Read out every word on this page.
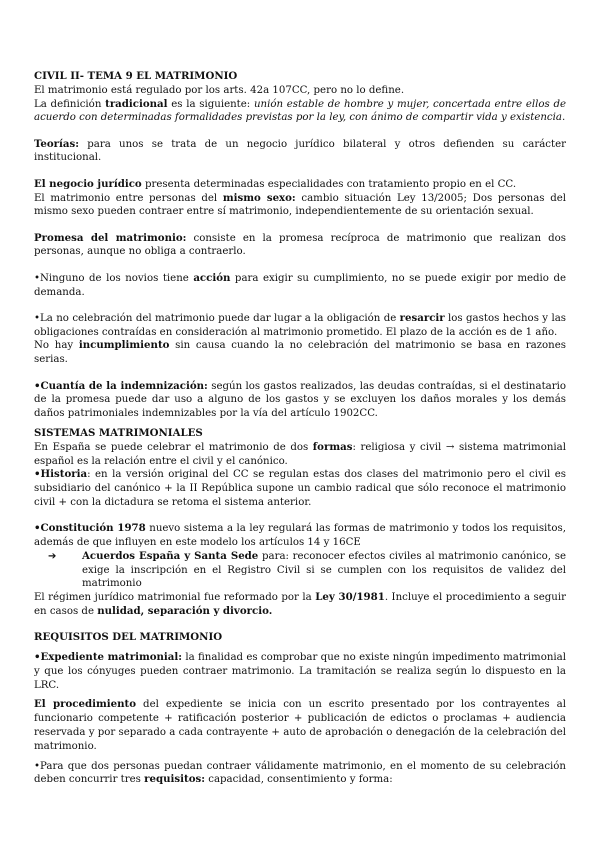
CIVIL II- TEMA 9 EL MATRIMONIO

El matrimonio está regulado por los arts. 42a 107CC, pero no lo define.

La definición tradicional es la siguiente: unión estable de hombre y mujer, concertada entre ellos de acuerdo con determinadas formalidades previstas por la ley, con ánimo de compartir vida y existencia.

Teorías: para unos se trata de un negocio jurídico bilateral y otros defienden su carácter institucional.

El negocio jurídico presenta determinadas especialidades con tratamiento propio en el CC.

El matrimonio entre personas del mismo sexo: cambio situación Ley 13/2005; Dos personas del mismo sexo pueden contraer entre sí matrimonio, independientemente de su orientación sexual.

Promesa del matrimonio: consiste en la promesa recíproca de matrimonio que realizan dos personas, aunque no obliga a contraerlo.

•Ninguno de los novios tiene acción para exigir su cumplimiento, no se puede exigir por medio de demanda.

•La no celebración del matrimonio puede dar lugar a la obligación de resarcir los gastos hechos y las obligaciones contraídas en consideración al matrimonio prometido. El plazo de la acción es de 1 año.

No hay incumplimiento sin causa cuando la no celebración del matrimonio se basa en razones serias.

•Cuantía de la indemnización: según los gastos realizados, las deudas contraídas, si el destinatario de la promesa puede dar uso a alguno de los gastos y se excluyen los daños morales y los demás daños patrimoniales indemnizables por la vía del artículo 1902CC.

SISTEMAS MATRIMONIALES

En España se puede celebrar el matrimonio de dos formas: religiosa y civil → sistema matrimonial español es la relación entre el civil y el canónico.

•Historia: en la versión original del CC se regulan estas dos clases del matrimonio pero el civil es subsidiario del canónico + la II República supone un cambio radical que sólo reconoce el matrimonio civil + con la dictadura se retoma el sistema anterior.

•Constitución 1978 nuevo sistema a la ley regulará las formas de matrimonio y todos los requisitos, además de que influyen en este modelo los artículos 14 y 16CE

➔	Acuerdos España y Santa Sede para: reconocer efectos civiles al matrimonio canónico, se exige la inscripción en el Registro Civil si se cumplen con los requisitos de validez del matrimonio

El régimen jurídico matrimonial fue reformado por la Ley 30/1981. Incluye el procedimiento a seguir en casos de nulidad, separación y divorcio.

REQUISITOS DEL MATRIMONIO

•Expediente matrimonial: la finalidad es comprobar que no existe ningún impedimento matrimonial y que los cónyuges pueden contraer matrimonio. La tramitación se realiza según lo dispuesto en la LRC.

El procedimiento del expediente se inicia con un escrito presentado por los contrayentes al funcionario competente + ratificación posterior + publicación de edictos o proclamas + audiencia reservada y por separado a cada contrayente + auto de aprobación o denegación de la celebración del matrimonio.

•Para que dos personas puedan contraer válidamente matrimonio, en el momento de su celebración deben concurrir tres requisitos: capacidad, consentimiento y forma:
